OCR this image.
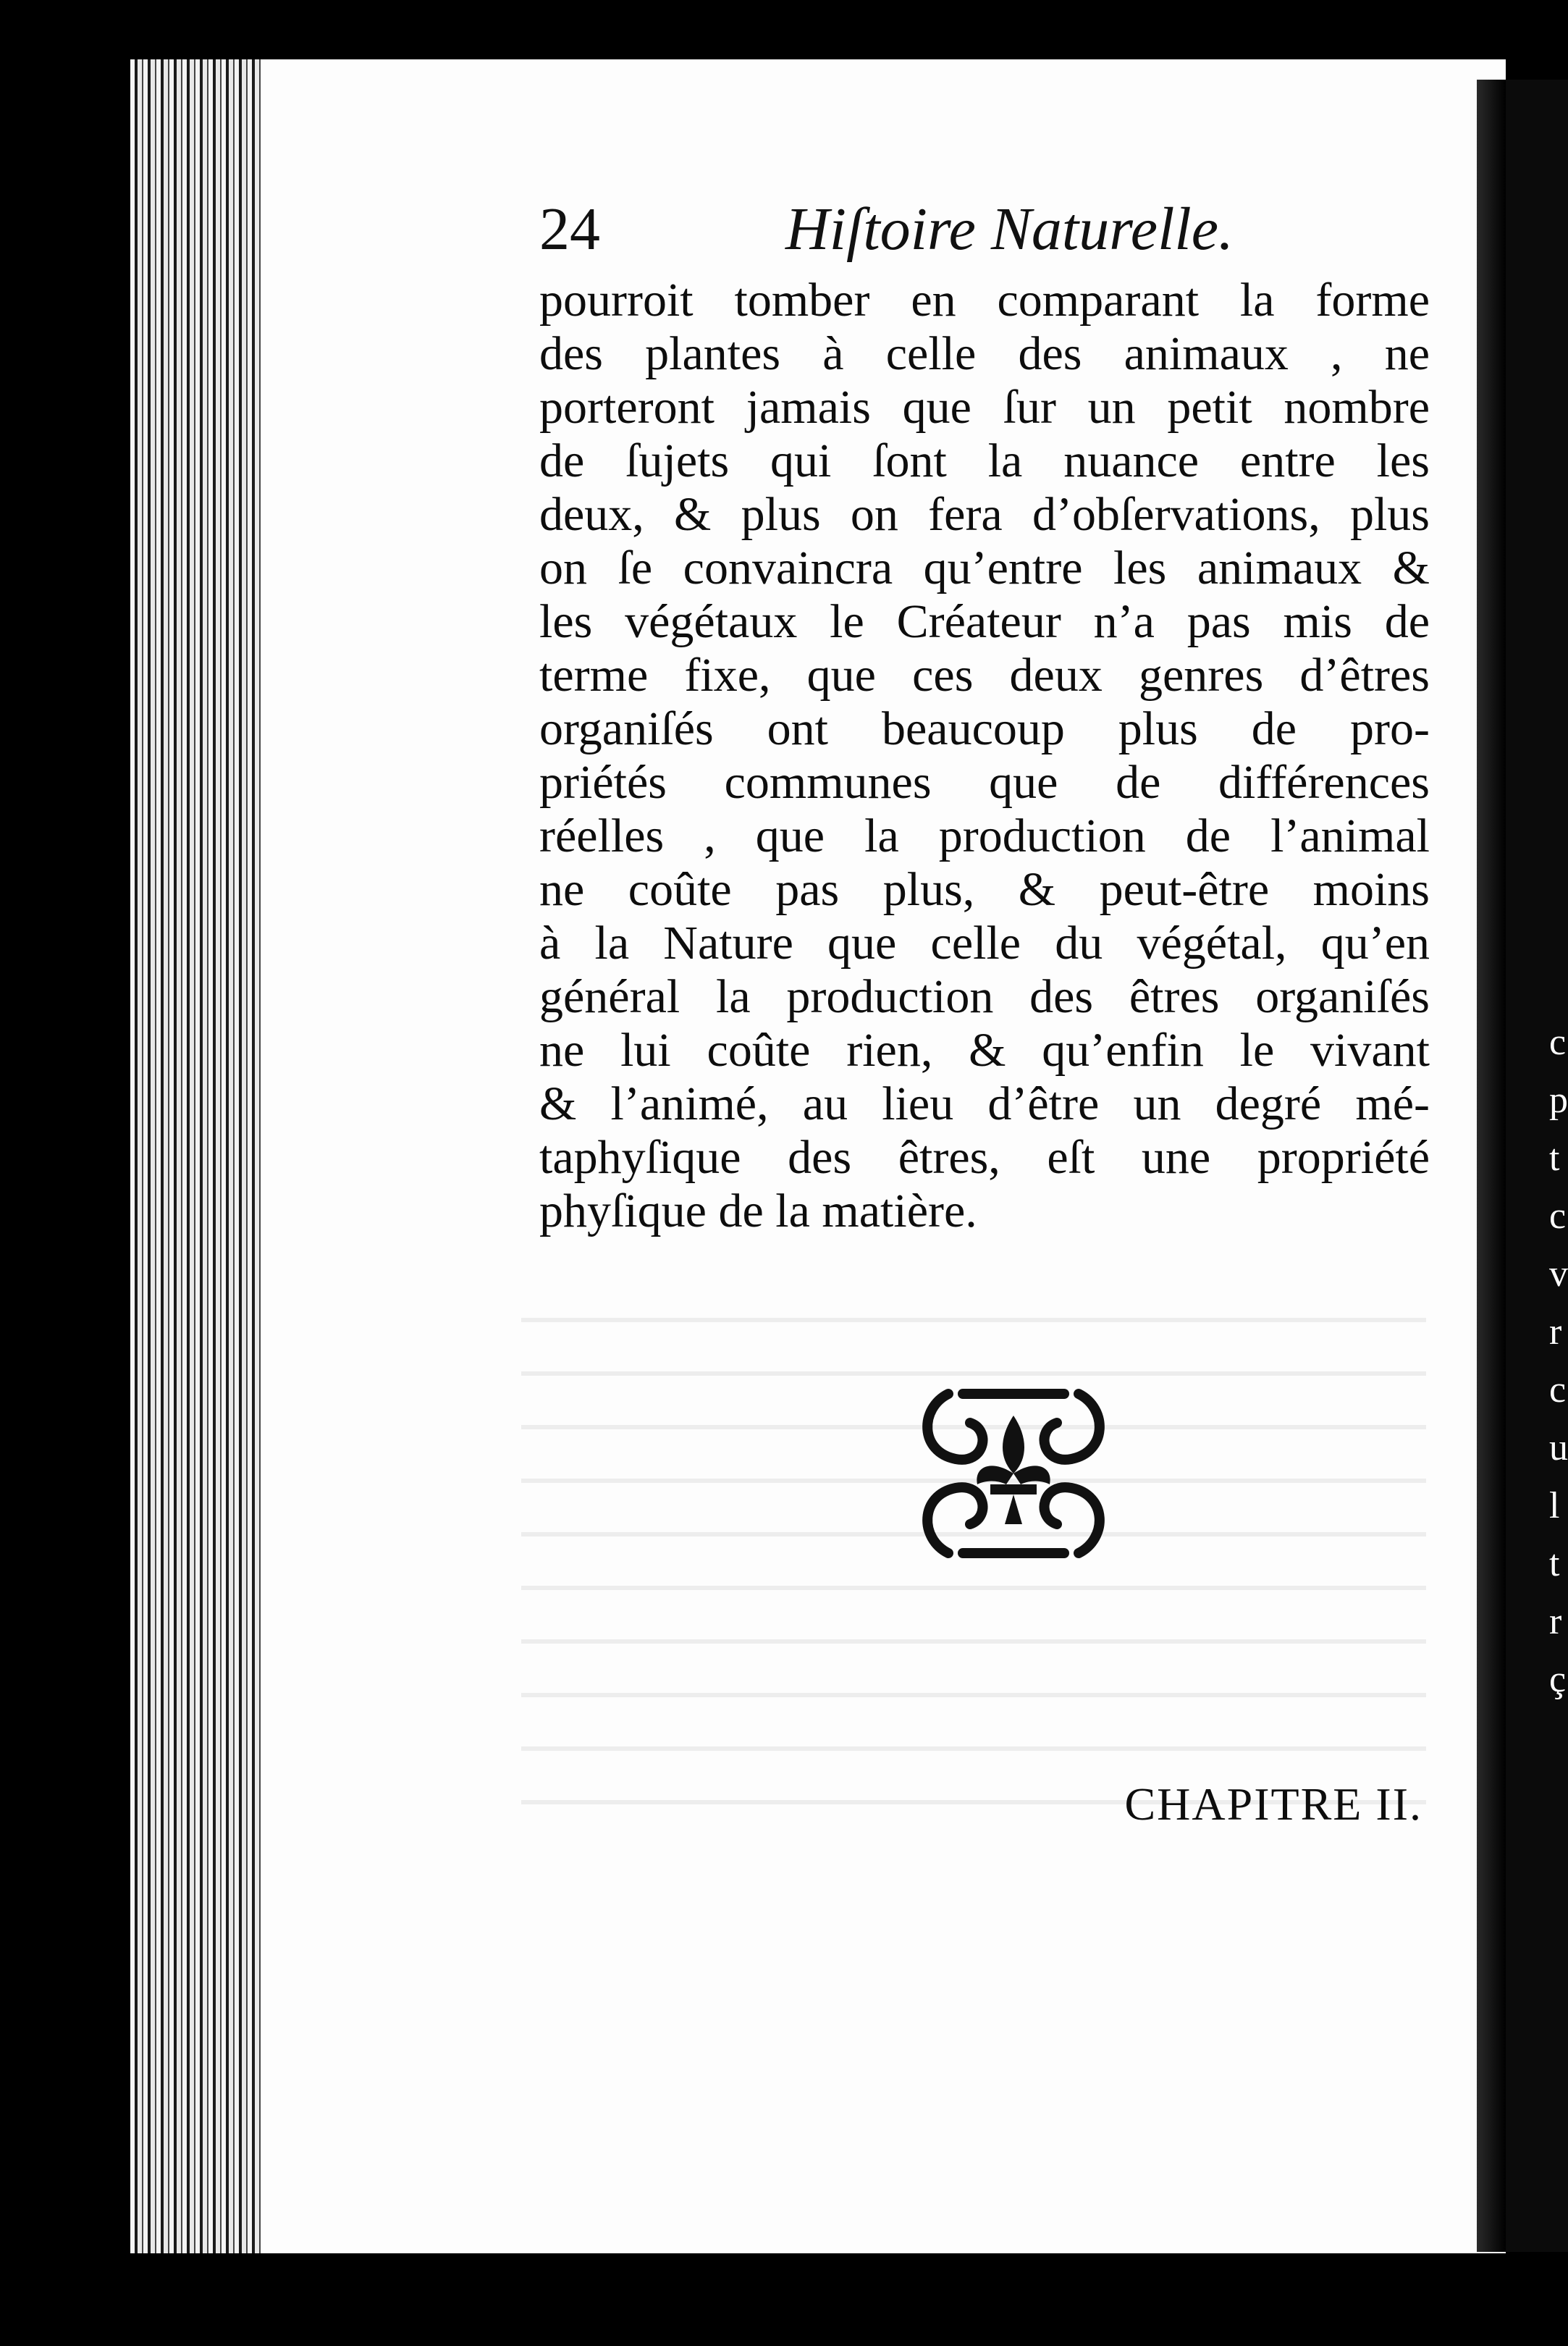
c
p
t
c
v
r
c
u
l
t
r
ç
24	Hiſtoire Naturelle.
pourroit tomber en comparant la forme
des plantes à celle des animaux , ne
porteront jamais que ſur un petit nombre
de ſujets qui ſont la nuance entre les
deux, & plus on fera d’obſervations, plus
on ſe convaincra qu’entre les animaux &
les végétaux le Créateur n’a pas mis de
terme fixe, que ces deux genres d’êtres
organiſés ont beaucoup plus de pro-
priétés communes que de différences
réelles , que la production de l’animal
ne coûte pas plus, & peut-être moins
à la Nature que celle du végétal, qu’en
général la production des êtres organiſés
ne lui coûte rien, & qu’enfin le vivant
& l’animé, au lieu d’être un degré mé-
taphyſique des êtres, eſt une propriété
phyſique de la matière.
CHAPITRE II.
